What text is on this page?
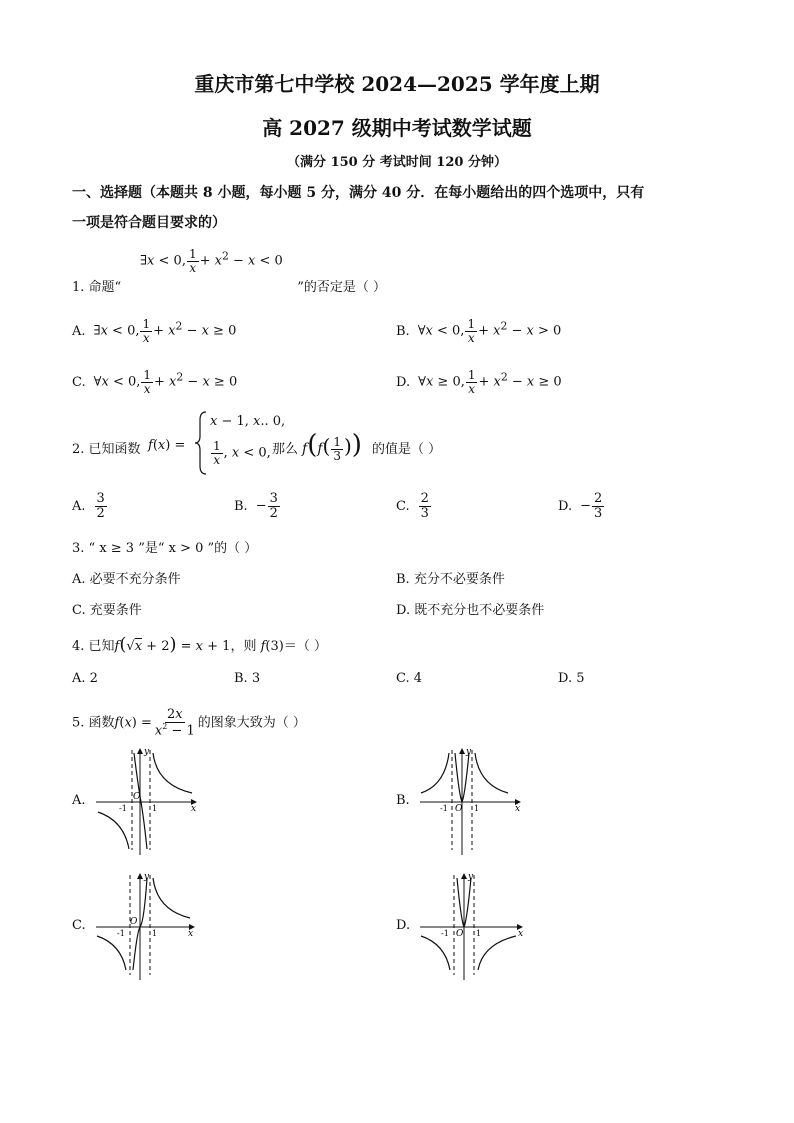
重庆市第七中学校 2024—2025 学年度上期
高 2027 级期中考试数学试题
（满分 150 分 考试时间 120 分钟）
一、选择题（本题共 8 小题，每小题 5 分，满分 40 分．在每小题给出的四个选项中，只有
一项是符合题目要求的）
∃x < 0, $\frac{1}{x} + x^2 - x < 0$
1. 命题“	”的否定是（ ）
A. ∃x < 0, $\frac{1}{x} + x^2 - x \ge 0$	B. ∀x < 0, $\frac{1}{x} + x^2 - x > 0$
C. ∀x < 0, $\frac{1}{x} + x^2 - x \ge 0$	D. ∀x ≥ 0, $\frac{1}{x} + x^2 - x \ge 0$
2. 已知函数 f(x) =
x − 1, x.. 0,
$\frac{1}{x}$ , x < 0, 那么 $f(f( \frac{1}{3}$ )) 的值是（ ）
A. $\frac{3}{2}$	B. − $\frac{3}{2}$	C. $\frac{2}{3}$	D. − $\frac{2}{3}$
3. “ x ≥ 3 ”是“ x > 0 ”的（ ）
A. 必要不充分条件	B. 充分不必要条件
C. 充要条件	D. 既不充分也不必要条件
4. 已知f(√x + 2) = x + 1，则 f(3)＝（ ）
A. 2	B. 3	C. 4	D. 5
5. 函数$f(x) = \frac{2x}{x^2 - 1}$ 的图象大致为（ ）
A.	B.
C.	D.
-1	1
O
x
y
-1	1
O	x
y
-1	1
O
x
y
-1	1
O	x
y
